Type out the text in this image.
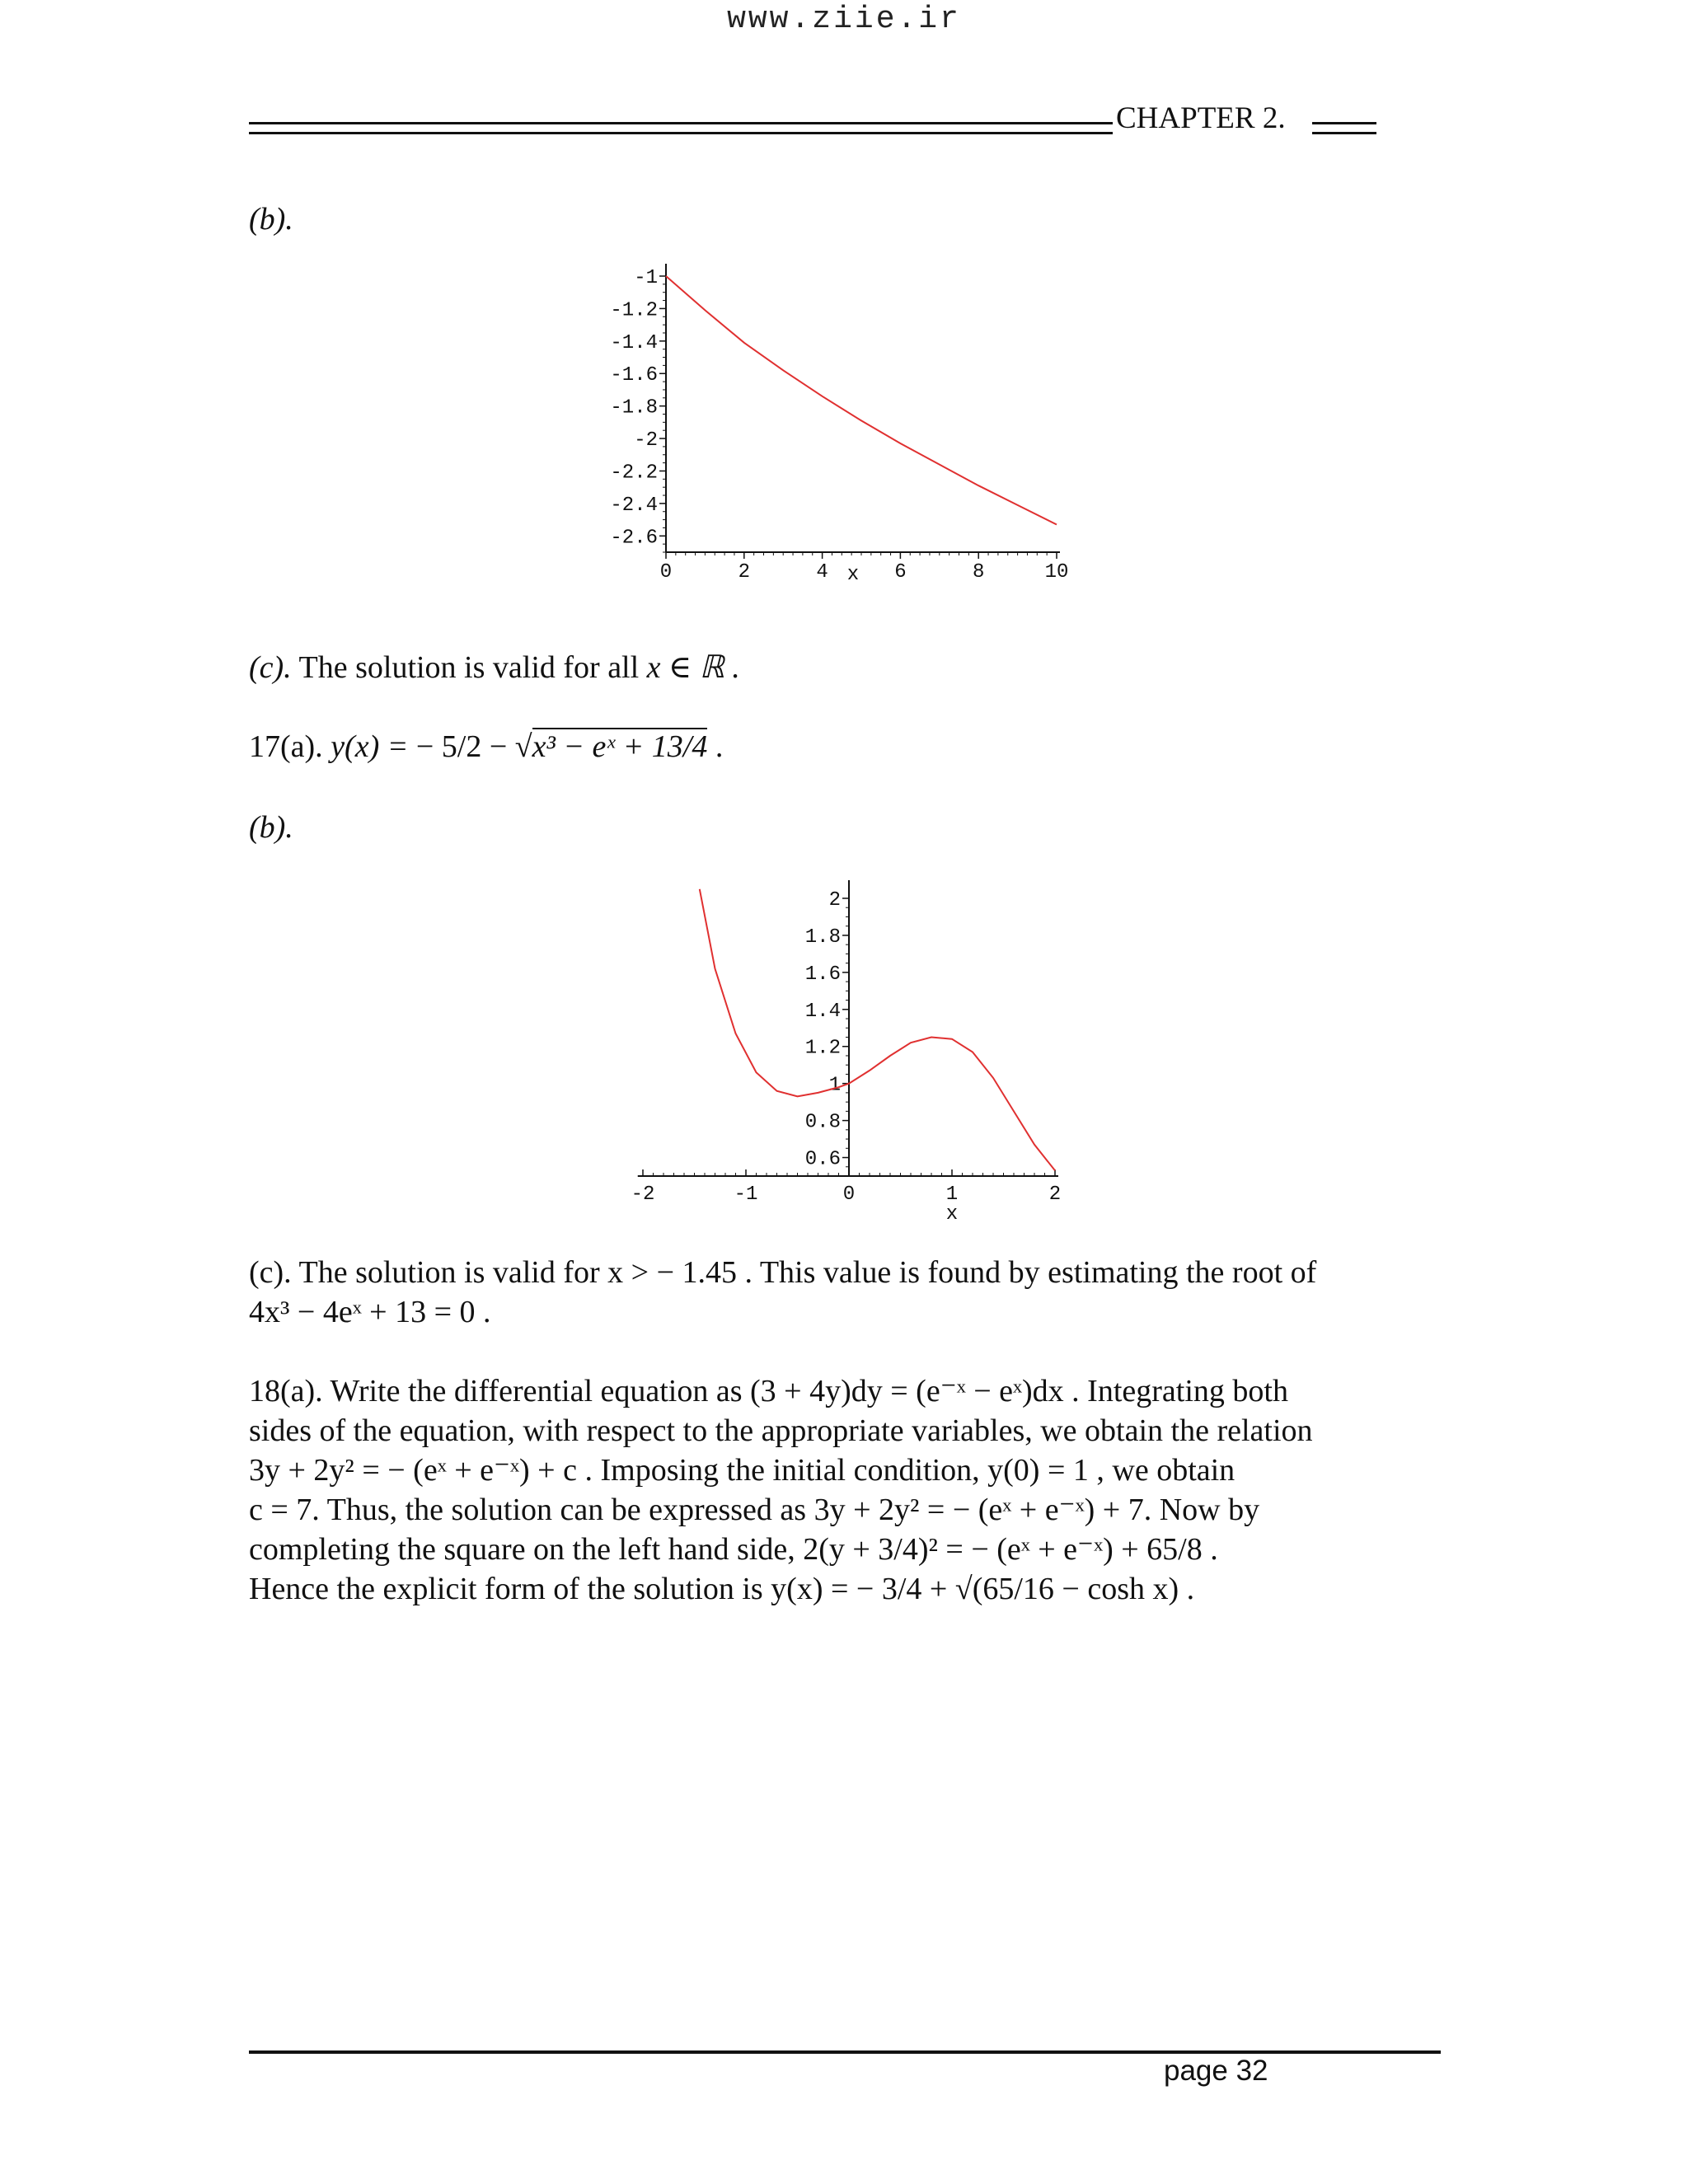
www.ziie.ir
CHAPTER 2.
(b).
-1
-1.2
-1.4
-1.6
-1.8
-2
-2.2
-2.4
-2.6
0	2	4	6	8	10
x
(c). The solution is valid for all x ∈ ℝ .
17(a). y(x) = − 5/2 − √x³ − eˣ + 13/4 .
(b).
2
1.8
1.6
1.4
1.2
1
0.8
0.6
-2	-1	0	1	2
x
(c). The solution is valid for x > − 1.45 . This value is found by estimating the root of
4x³ − 4eˣ + 13 = 0 .
18(a). Write the differential equation as (3 + 4y)dy = (e⁻ˣ − eˣ)dx . Integrating both
sides of the equation, with respect to the appropriate variables, we obtain the relation
3y + 2y² = − (eˣ + e⁻ˣ) + c . Imposing the initial condition, y(0) = 1 , we obtain
c = 7. Thus, the solution can be expressed as 3y + 2y² = − (eˣ + e⁻ˣ) + 7. Now by
completing the square on the left hand side, 2(y + 3/4)² = − (eˣ + e⁻ˣ) + 65/8 .
Hence the explicit form of the solution is y(x) = − 3/4 + √(65/16 − cosh x) .
page 32
